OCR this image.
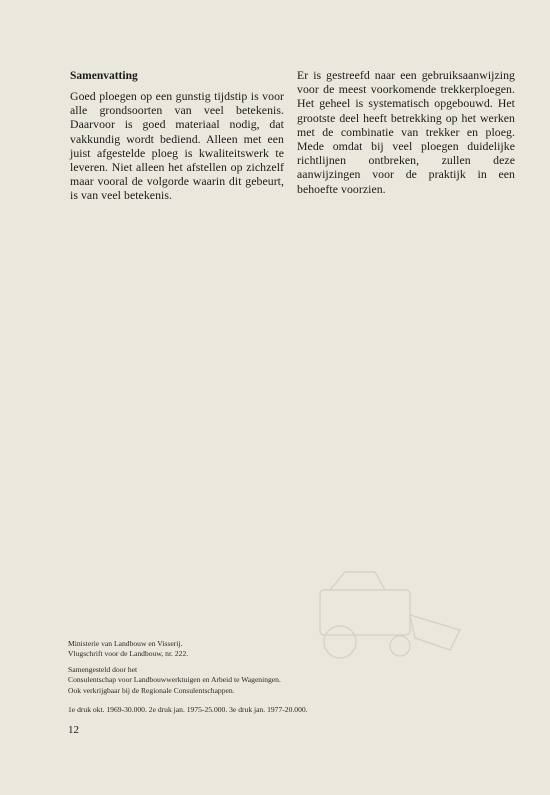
Samenvatting

Goed ploegen op een gunstig tijdstip is voor alle grondsoorten van veel betekenis. Daarvoor is goed materiaal nodig, dat vakkundig wordt bediend. Alleen met een juist afgestelde ploeg is kwaliteitswerk te leveren. Niet alleen het afstellen op zichzelf maar vooral de volgorde waarin dit gebeurt, is van veel betekenis.

Er is gestreefd naar een gebruiksaanwijzing voor de meest voorkomende trekkerploegen. Het geheel is systematisch opgebouwd. Het grootste deel heeft betrekking op het werken met de combinatie van trekker en ploeg. Mede omdat bij veel ploegen duidelijke richtlijnen ontbreken, zullen deze aanwijzingen voor de praktijk in een behoefte voorzien.

Ministerie van Landbouw en Visserij.
Vlugschrift voor de Landbouw, nr. 222.
Samengesteld door het
Consulentschap voor Landbouwwerktuigen en Arbeid te Wageningen.
Ook verkrijgbaar bij de Regionale Consulentschappen.
1e druk okt. 1969-30.000. 2e druk jan. 1975-25.000. 3e druk jan. 1977-20.000.
12
